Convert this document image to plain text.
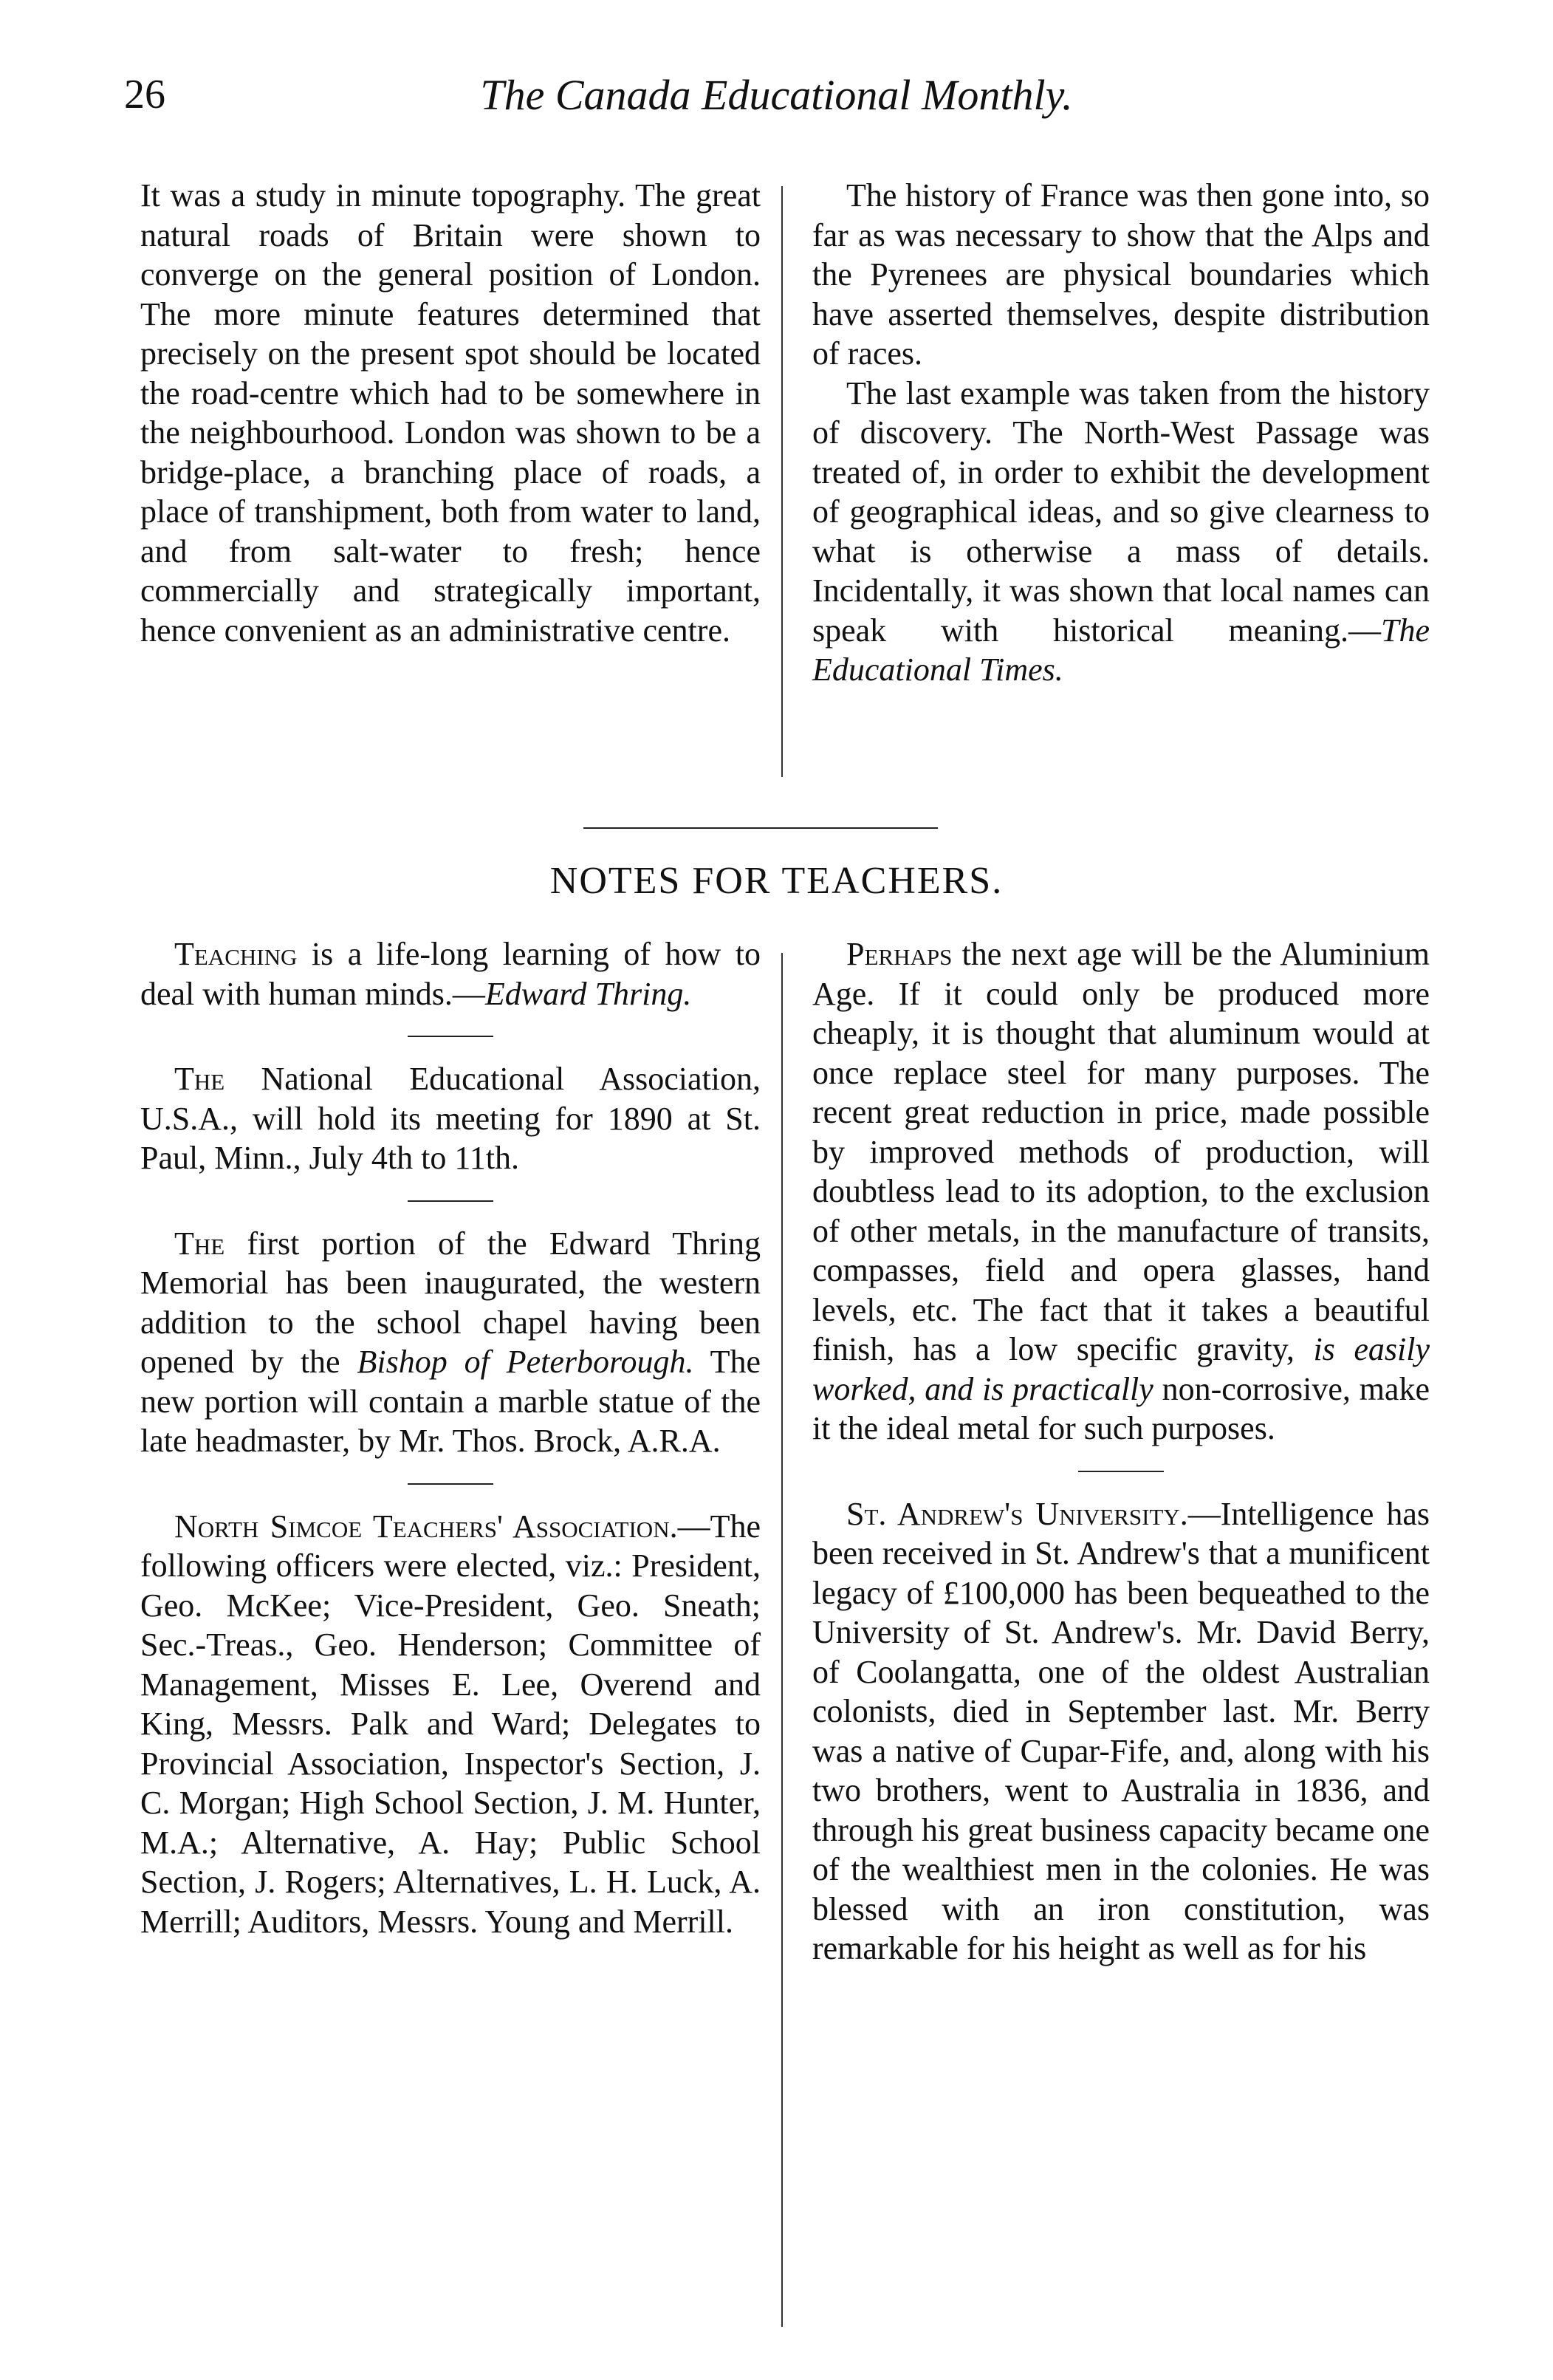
26	The Canada Educational Monthly.

It was a study in minute topography. The great natural roads of Britain were shown to converge on the general position of London. The more minute features determined that precisely on the present spot should be located the road-centre which had to be somewhere in the neighbourhood. London was shown to be a bridge-place, a branching place of roads, a place of transhipment, both from water to land, and from salt-water to fresh; hence commercially and strategically important, hence convenient as an administrative centre.

The history of France was then gone into, so far as was necessary to show that the Alps and the Pyrenees are physical boundaries which have asserted themselves, despite distribution of races.

The last example was taken from the history of discovery. The North-West Passage was treated of, in order to exhibit the development of geographical ideas, and so give clearness to what is otherwise a mass of details. Incidentally, it was shown that local names can speak with historical meaning.—The Educational Times.

NOTES FOR TEACHERS.

Teaching is a life-long learning of how to deal with human minds.—Edward Thring.

The National Educational Association, U.S.A., will hold its meeting for 1890 at St. Paul, Minn., July 4th to 11th.

The first portion of the Edward Thring Memorial has been inaugurated, the western addition to the school chapel having been opened by the Bishop of Peterborough. The new portion will contain a marble statue of the late headmaster, by Mr. Thos. Brock, A.R.A.

North Simcoe Teachers' Association.—The following officers were elected, viz.: President, Geo. McKee; Vice-President, Geo. Sneath; Sec.-Treas., Geo. Henderson; Committee of Management, Misses E. Lee, Overend and King, Messrs. Palk and Ward; Delegates to Provincial Association, Inspector's Section, J. C. Morgan; High School Section, J. M. Hunter, M.A.; Alternative, A. Hay; Public School Section, J. Rogers; Alternatives, L. H. Luck, A. Merrill; Auditors, Messrs. Young and Merrill.

Perhaps the next age will be the Aluminium Age. If it could only be produced more cheaply, it is thought that aluminum would at once replace steel for many purposes. The recent great reduction in price, made possible by improved methods of production, will doubtless lead to its adoption, to the exclusion of other metals, in the manufacture of transits, compasses, field and opera glasses, hand levels, etc. The fact that it takes a beautiful finish, has a low specific gravity, is easily worked, and is practically non-corrosive, make it the ideal metal for such purposes.

St. Andrew's University.—Intelligence has been received in St. Andrew's that a munificent legacy of £100,000 has been bequeathed to the University of St. Andrew's. Mr. David Berry, of Coolangatta, one of the oldest Australian colonists, died in September last. Mr. Berry was a native of Cupar-Fife, and, along with his two brothers, went to Australia in 1836, and through his great business capacity became one of the wealthiest men in the colonies. He was blessed with an iron constitution, was remarkable for his height as well as for his
